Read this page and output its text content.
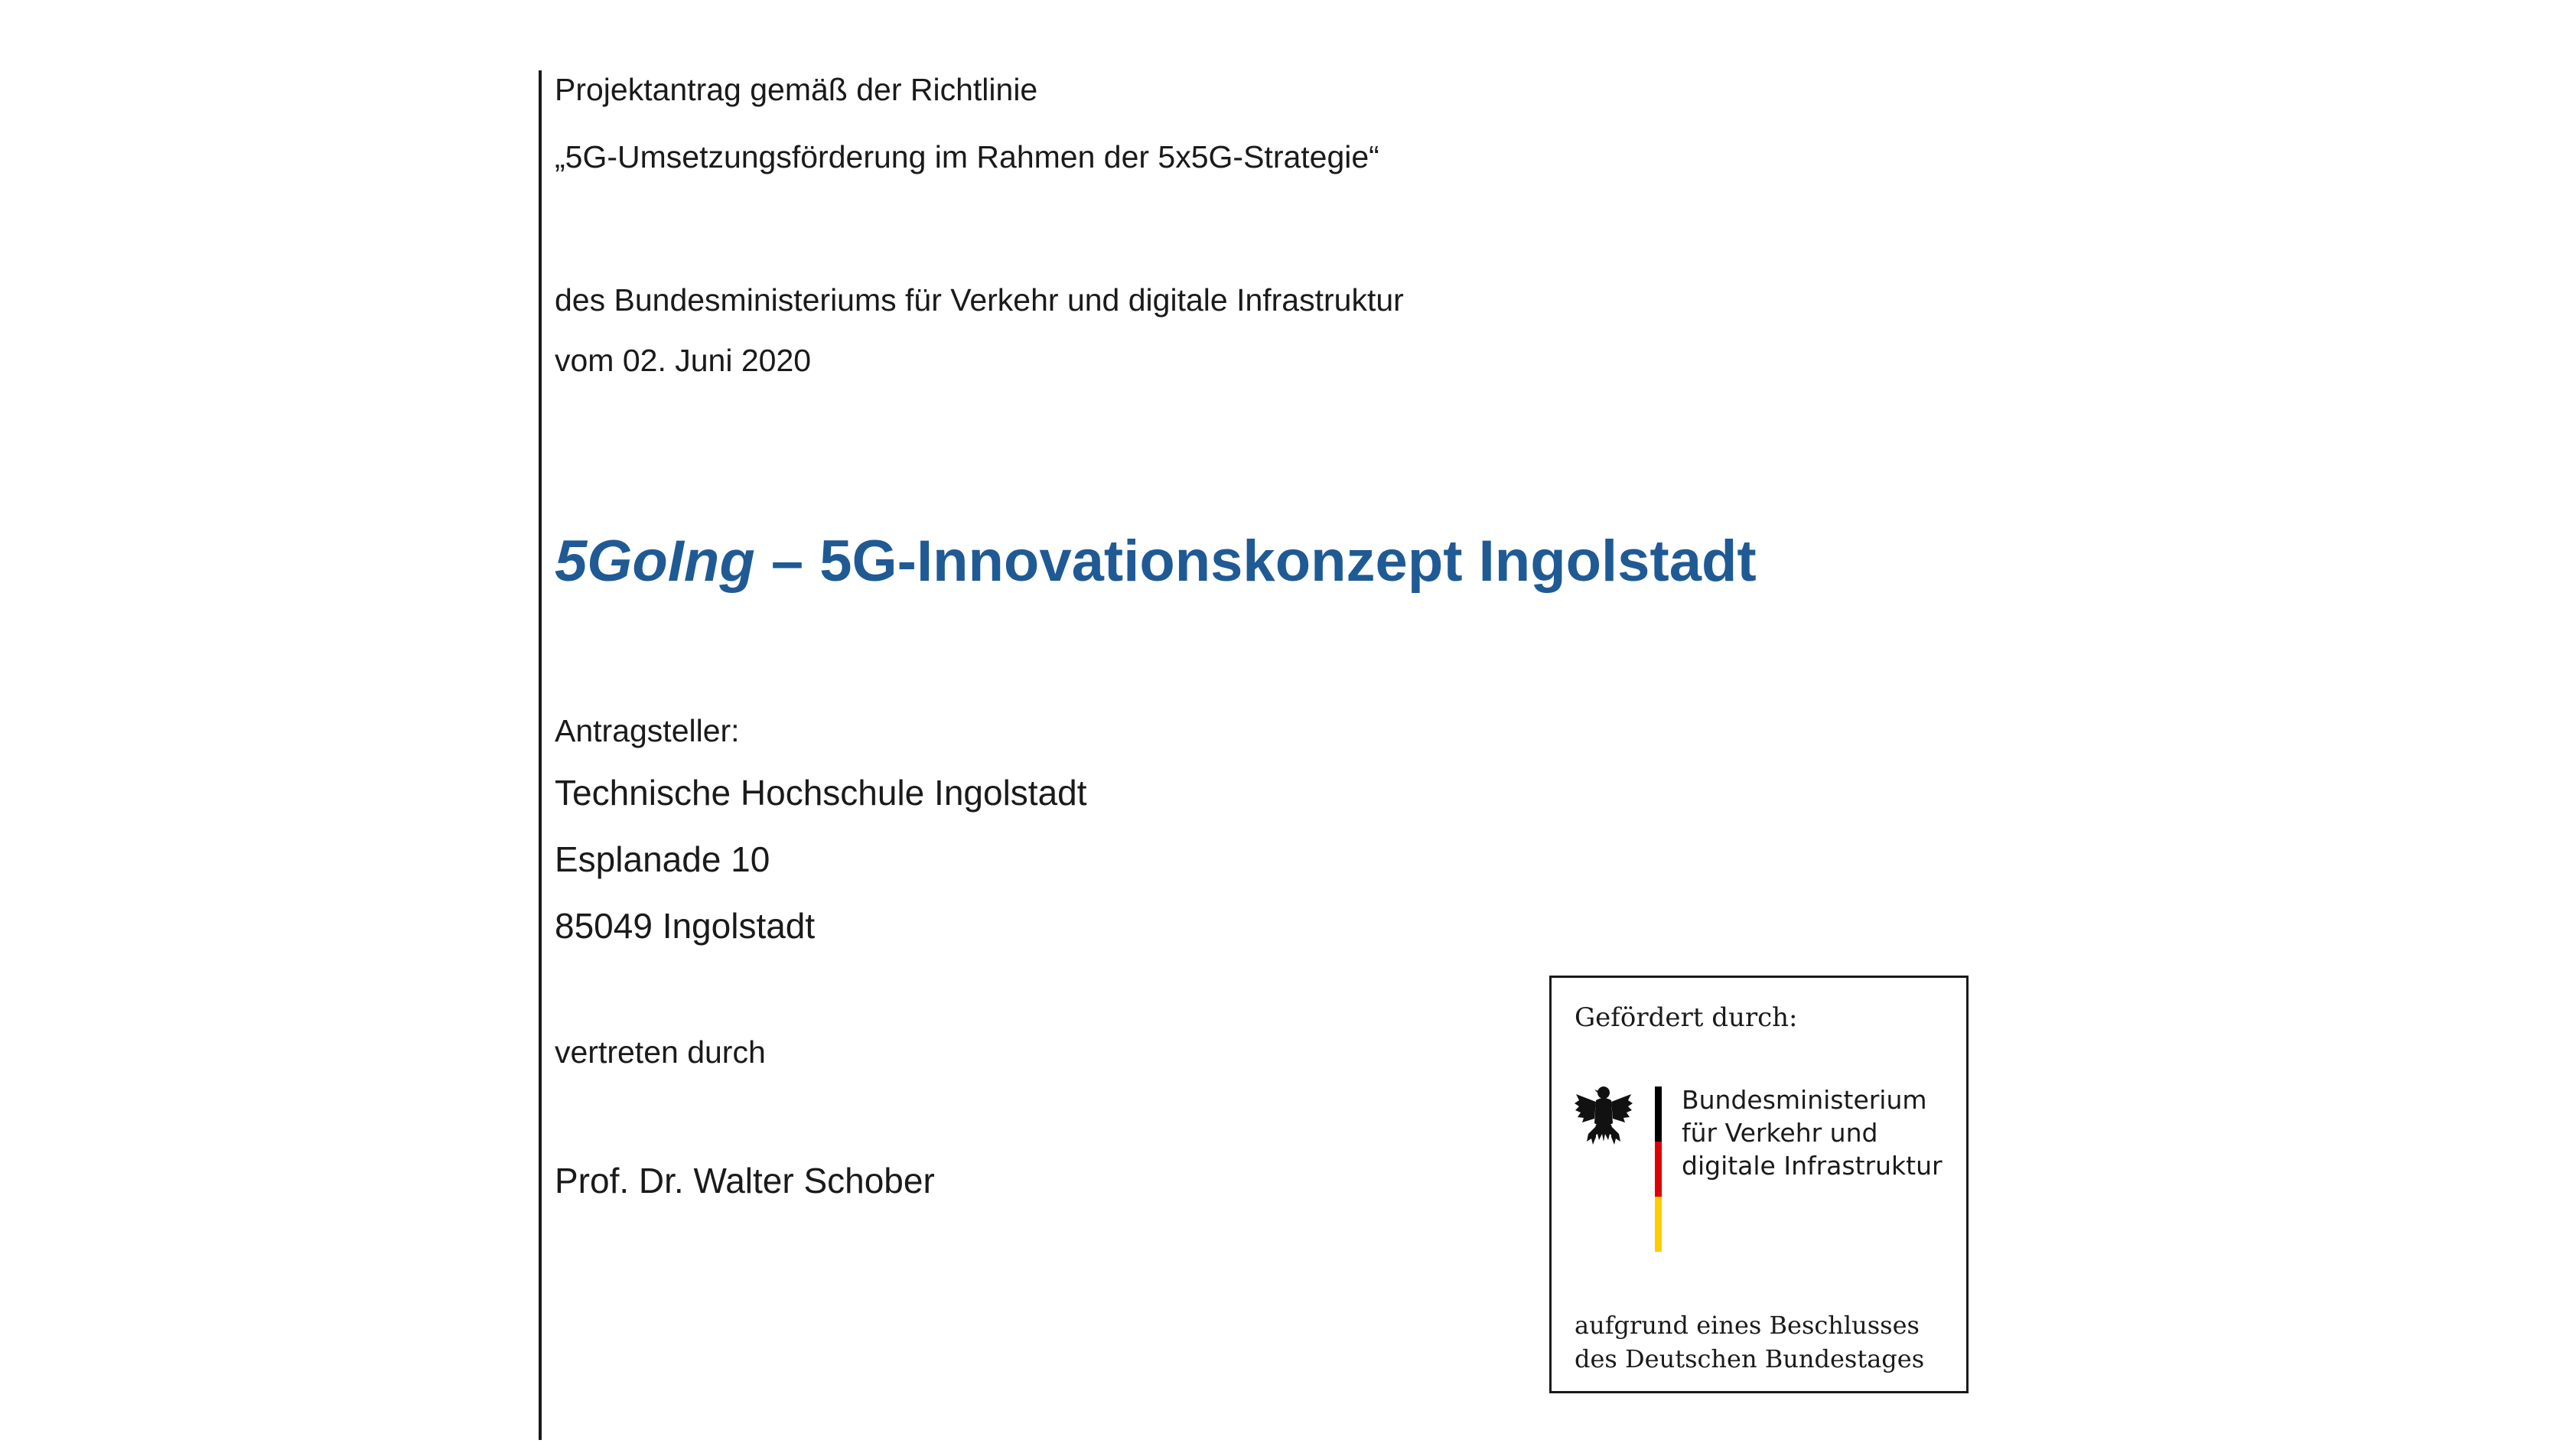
Projektantrag gemäß der Richtlinie
„5G-Umsetzungsförderung im Rahmen der 5x5G-Strategie“
des Bundesministeriums für Verkehr und digitale Infrastruktur
vom 02. Juni 2020
5GoIng – 5G-Innovationskonzept Ingolstadt
Antragsteller:
Technische Hochschule Ingolstadt
Esplanade 10
85049 Ingolstadt
vertreten durch
Prof. Dr. Walter Schober
Gefördert durch:
Bundesministerium
für Verkehr und
digitale Infrastruktur
aufgrund eines Beschlusses
des Deutschen Bundestages
